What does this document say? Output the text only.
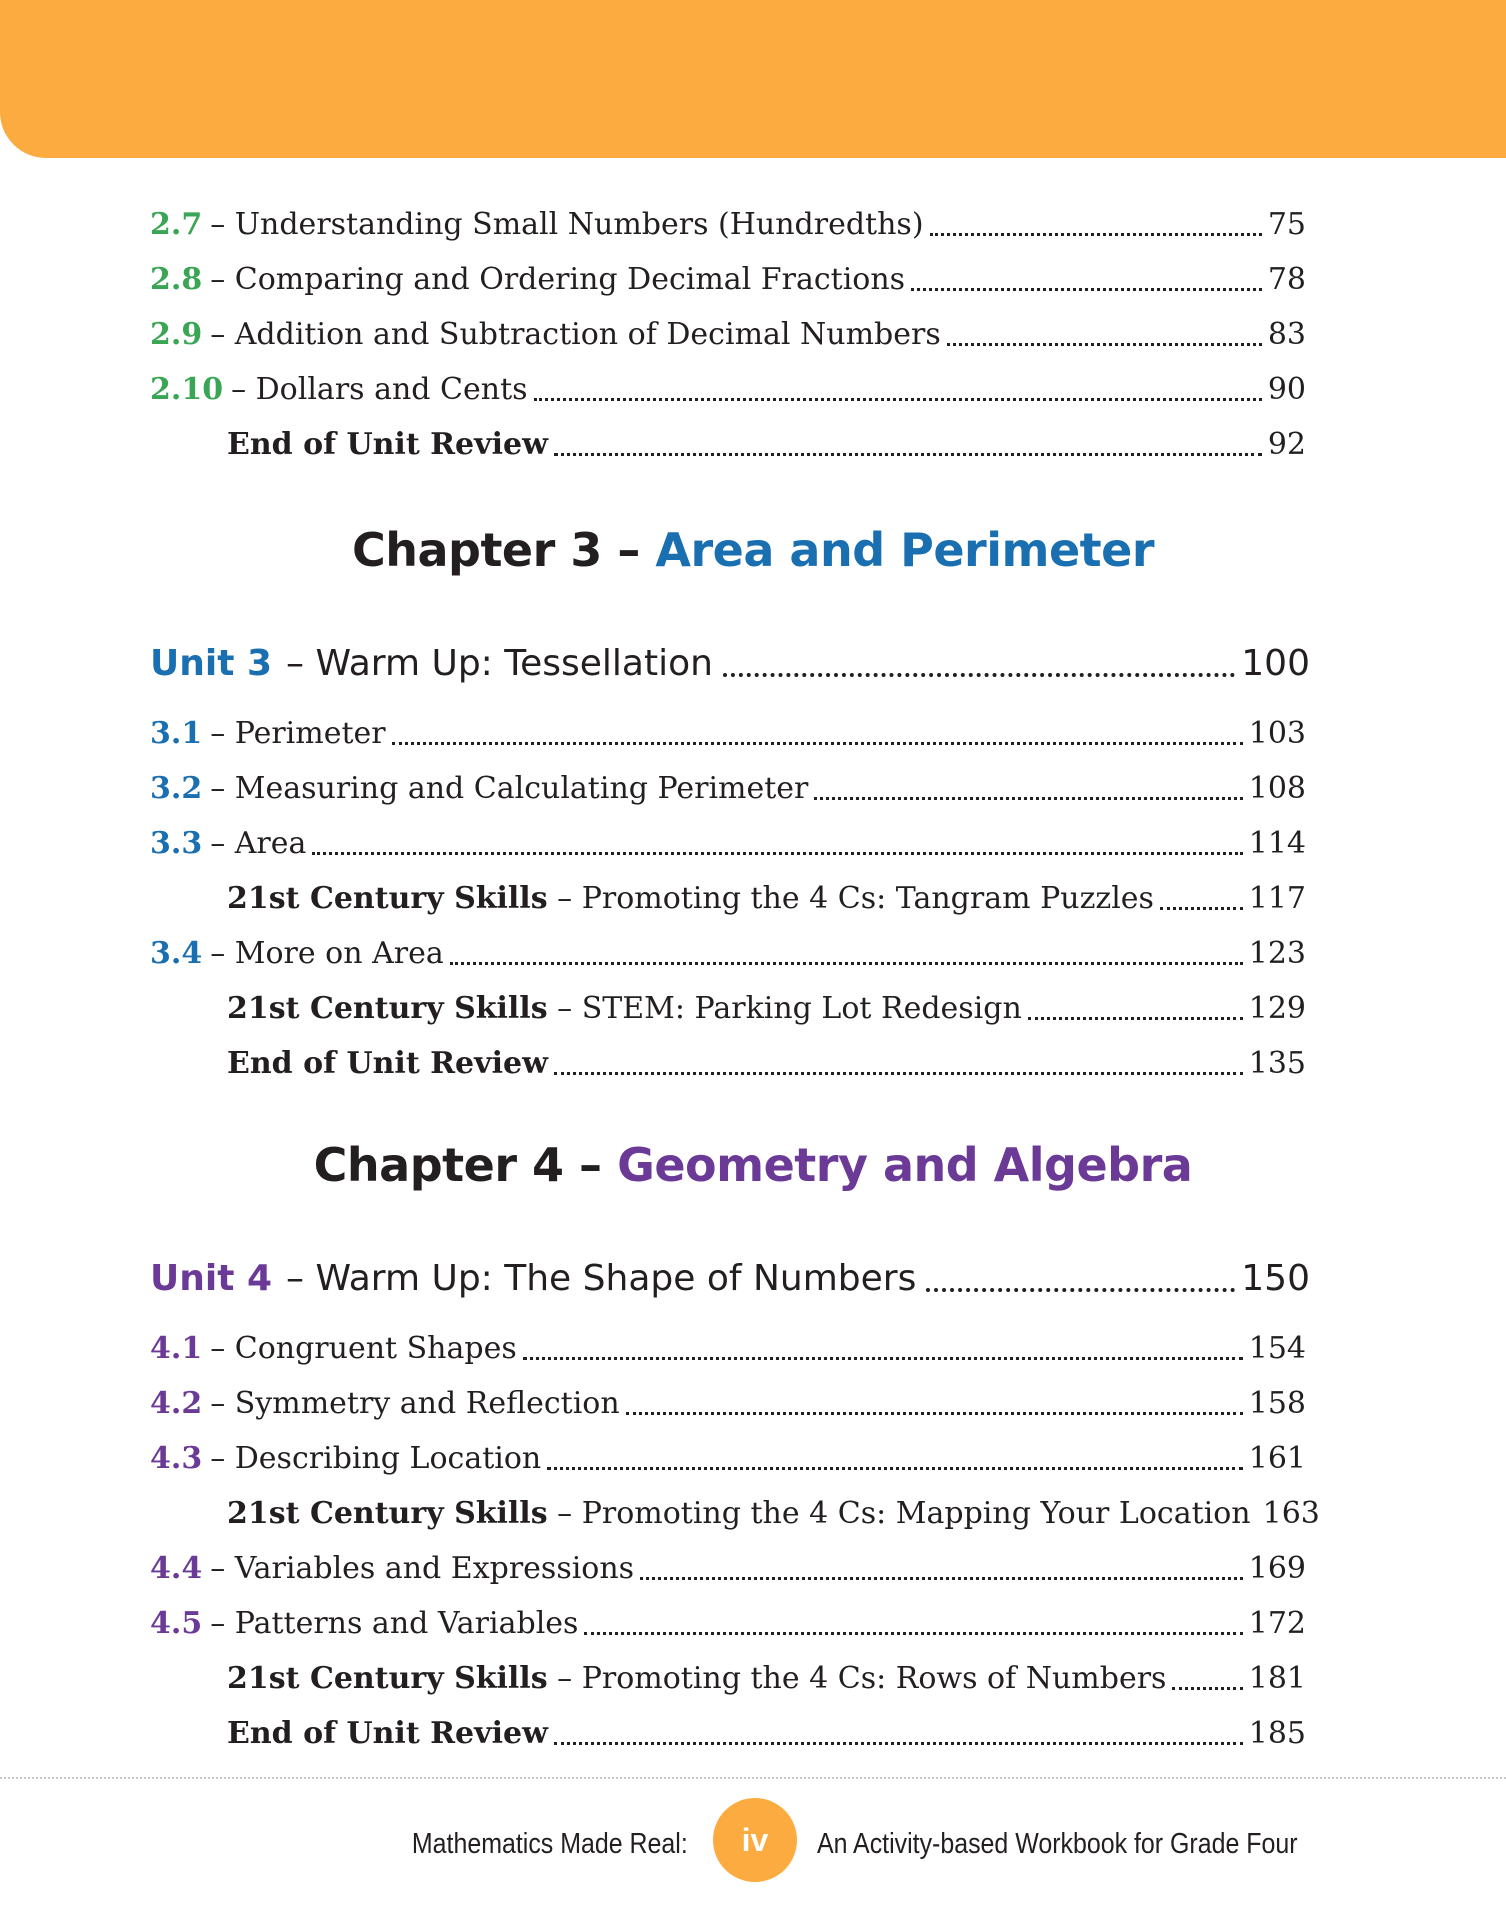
2.7 – Understanding Small Numbers (Hundredths)	75
2.8 – Comparing and Ordering Decimal Fractions	78
2.9 – Addition and Subtraction of Decimal Numbers	83
2.10 – Dollars and Cents	90
End of Unit Review	92
Chapter 3 – Area and Perimeter
Unit 3 – Warm Up: Tessellation	100
3.1 – Perimeter	103
3.2 – Measuring and Calculating Perimeter	108
3.3 – Area	114
21st Century Skills – Promoting the 4 Cs: Tangram Puzzles	117
3.4 – More on Area	123
21st Century Skills – STEM: Parking Lot Redesign	129
End of Unit Review	135
Chapter 4 – Geometry and Algebra
Unit 4 – Warm Up: The Shape of Numbers	150
4.1 – Congruent Shapes	154
4.2 – Symmetry and Reflection	158
4.3 – Describing Location	161
21st Century Skills – Promoting the 4 Cs: Mapping Your Location 163
4.4 – Variables and Expressions	169
4.5 – Patterns and Variables	172
21st Century Skills – Promoting the 4 Cs: Rows of Numbers	181
End of Unit Review	185
Mathematics Made Real:	iv	An Activity-based Workbook for Grade Four
